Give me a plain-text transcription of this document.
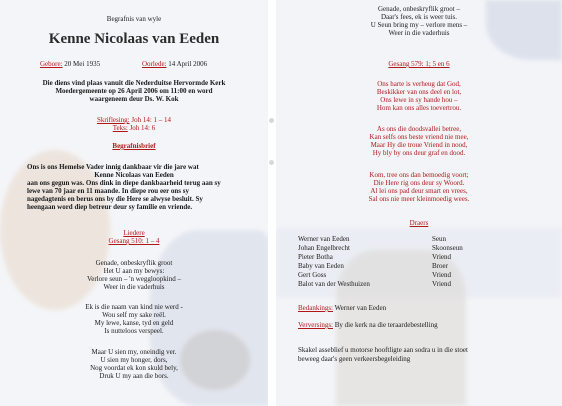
Begrafnis van wyle
Kenne Nicolaas van Eeden
Gebore: 20 Mei 1935	Oorlede: 14 April 2006
Die diens vind plaas vanuit die Nederduitse Hervormde Kerk
Moedergemeente op 26 April 2006 om 11:00 en word
waargeneem deur Ds. W. Kok
Skriflesing: Joh 14: 1 – 14
Teks: Joh 14: 6
Begrafnisbrief
Ons is ons Hemelse Vader innig dankbaar vir die jare wat
Kenne Nicolaas van Eeden
aan ons gegun was. Ons dink in diepe dankbaarheid terug aan sy
lewe van 70 jaar en 11 maande. In diepe rou eer ons sy
nagedagtenis en berus ons by die Here se alwyse besluit. Sy
heengaan word diep betreur deur sy familie en vriende.
Liedere
Gesang 510: 1 – 4
Genade, onbeskryflik groot
Het U aan my bewys:
Verlore seun – 'n weggloopkind –
Weer in die vaderhuis
Ek is die naam van kind nie werd -
Wou self my sake reël.
My lewe, kanse, tyd en geld
Is nutteloos verspeel.
Maar U sien my, oneindig ver.
U sien my honger, dors,
Nog voordat ek kon skuld bely,
Druk U my aan die bors.
Genade, onbeskryflik groot –
Daar's fees, ek is weer tuis.
U Seun bring my – verlore mens –
Weer in die vaderhuis
Gesang 579: 1; 5 en 6
Ons harte is verheug dat God,
Beskikker van ons deel en lot,
Ons lewe in sy hande hou –
Hom kan ons alles toevertrou.
As ons die doodsvallei betree,
Kan selfs ons beste vriend nie mee,
Maar Hy die troue Vriend in nood,
Hy bly by ons deur graf en dood.
Kom, tree ons dan bemoedig voort;
Die Here rig ons deur sy Woord.
Al lei ons pad deur smart en vrees,
Sal ons nie meer kleinmoedig wees.
Draers
Werner van Eeden	Seun
Johan Engelbrecht	Skoonseun
Pieter Botha	Vriend
Baby van Eeden	Broer
Gert Goss	Vriend
Balot van der Westhuizen	Vriend
Bedankings: Werner van Eeden
Verversings: By die kerk na die teraardebestelling
Skakel asseblief u motorse hooftligte aan sodra u in die stoet
beweeg daar's geen verkeersbegeleiding
